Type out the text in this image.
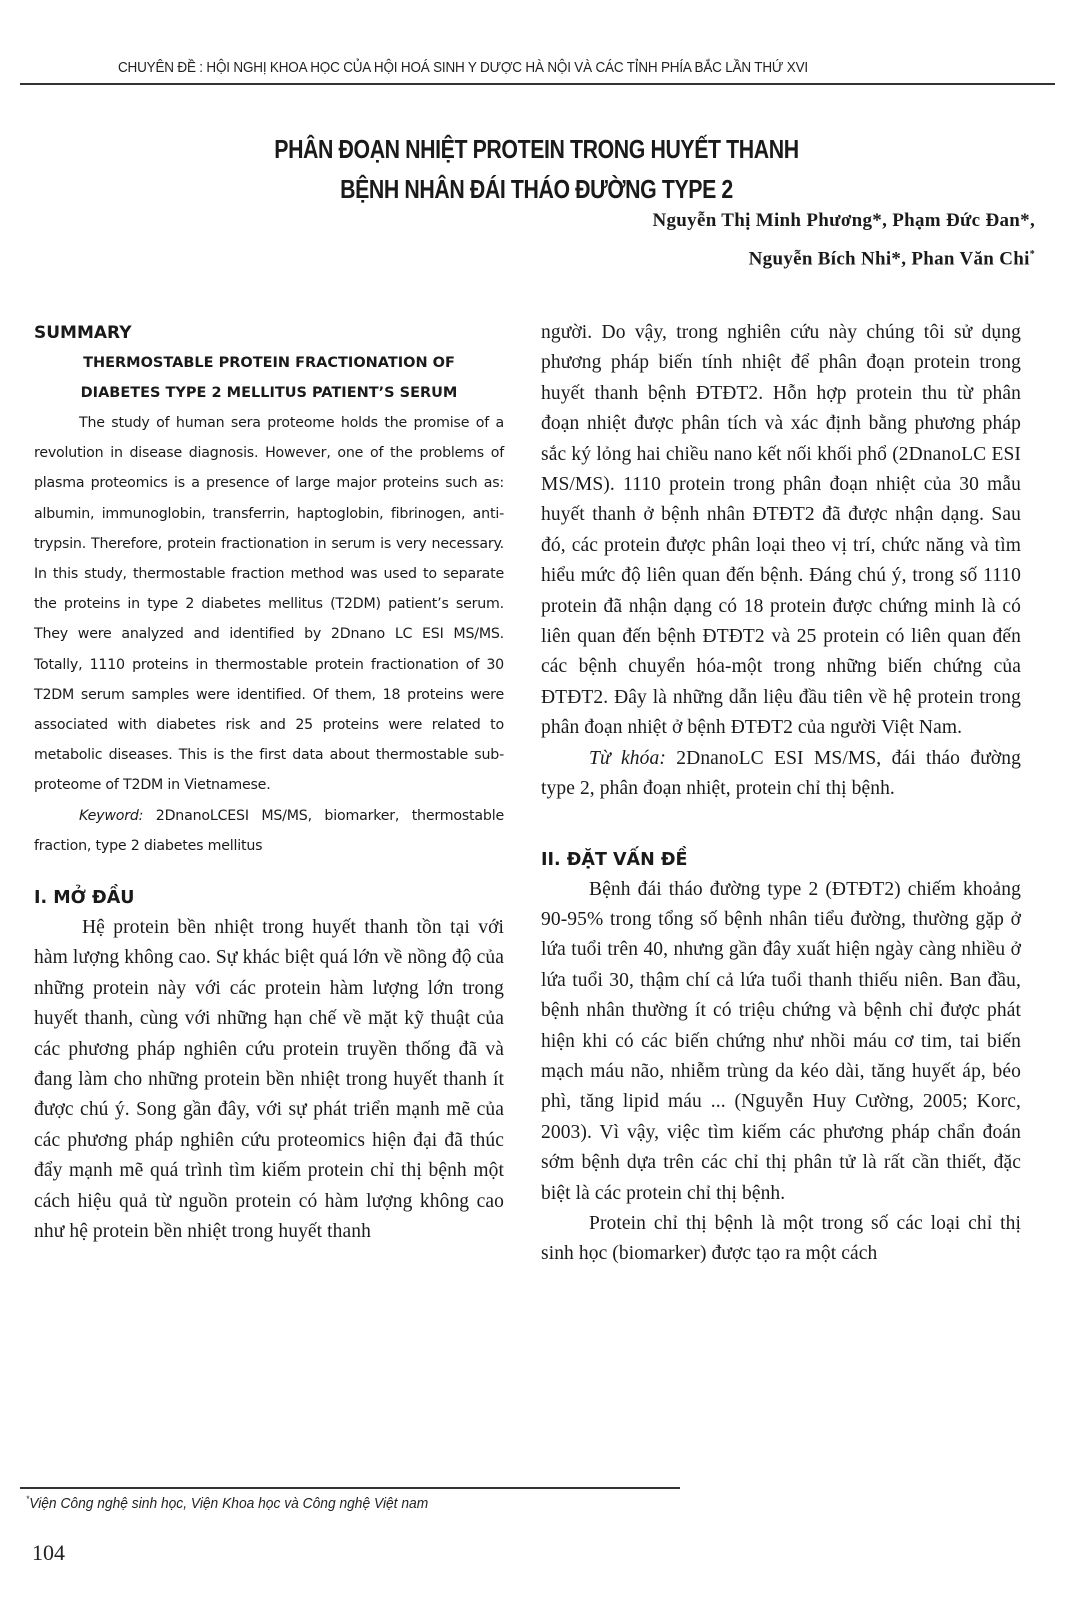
CHUYÊN ĐỀ : HỘI NGHỊ KHOA HỌC CỦA HỘI HOÁ SINH Y DƯỢC HÀ NỘI VÀ CÁC TỈNH PHÍA BẮC LẦN THỨ XVI
PHÂN ĐOẠN NHIỆT PROTEIN TRONG HUYẾT THANH
BỆNH NHÂN ĐÁI THÁO ĐƯỜNG TYPE 2
Nguyễn Thị Minh Phương*, Phạm Đức Đan*,
Nguyễn Bích Nhi*, Phan Văn Chi*

SUMMARY

THERMOSTABLE PROTEIN FRACTIONATION OF

DIABETES TYPE 2 MELLITUS PATIENT’S SERUM

The study of human sera proteome holds the promise of a revolution in disease diagnosis. However, one of the problems of plasma proteomics is a presence of large major proteins such as: albumin, immunoglobin, transferrin, haptoglobin, fibrinogen, anti-trypsin. Therefore, protein fractionation in serum is very necessary. In this study, thermostable fraction method was used to separate the proteins in type 2 diabetes mellitus (T2DM) patient’s serum. They were analyzed and identified by 2Dnano LC ESI MS/MS. Totally, 1110 proteins in thermostable protein fractionation of 30 T2DM serum samples were identified. Of them, 18 proteins were associated with diabetes risk and 25 proteins were related to metabolic diseases. This is the first data about thermostable sub-proteome of T2DM in Vietnamese.

Keyword: 2DnanoLCESI MS/MS, biomarker, thermostable fraction, type 2 diabetes mellitus

I. MỞ ĐẦU

Hệ protein bền nhiệt trong huyết thanh tồn tại với hàm lượng không cao. Sự khác biệt quá lớn về nồng độ của những protein này với các protein hàm lượng lớn trong huyết thanh, cùng với những hạn chế về mặt kỹ thuật của các phương pháp nghiên cứu protein truyền thống đã và đang làm cho những protein bền nhiệt trong huyết thanh ít được chú ý. Song gần đây, với sự phát triển mạnh mẽ của các phương pháp nghiên cứu proteomics hiện đại đã thúc đẩy mạnh mẽ quá trình tìm kiếm protein chỉ thị bệnh một cách hiệu quả từ nguồn protein có hàm lượng không cao như hệ protein bền nhiệt trong huyết thanh

người. Do vậy, trong nghiên cứu này chúng tôi sử dụng phương pháp biến tính nhiệt để phân đoạn protein trong huyết thanh bệnh ĐTĐT2. Hỗn hợp protein thu từ phân đoạn nhiệt được phân tích và xác định bằng phương pháp sắc ký lỏng hai chiều nano kết nối khối phổ (2DnanoLC ESI MS/MS). 1110 protein trong phân đoạn nhiệt của 30 mẫu huyết thanh ở bệnh nhân ĐTĐT2 đã được nhận dạng. Sau đó, các protein được phân loại theo vị trí, chức năng và tìm hiểu mức độ liên quan đến bệnh. Đáng chú ý, trong số 1110 protein đã nhận dạng có 18 protein được chứng minh là có liên quan đến bệnh ĐTĐT2 và 25 protein có liên quan đến các bệnh chuyển hóa-một trong những biến chứng của ĐTĐT2. Đây là những dẫn liệu đầu tiên về hệ protein trong phân đoạn nhiệt ở bệnh ĐTĐT2 của người Việt Nam.

Từ khóa: 2DnanoLC ESI MS/MS, đái tháo đường type 2, phân đoạn nhiệt, protein chỉ thị bệnh.

II. ĐẶT VẤN ĐỀ

Bệnh đái tháo đường type 2 (ĐTĐT2) chiếm khoảng 90-95% trong tổng số bệnh nhân tiểu đường, thường gặp ở lứa tuổi trên 40, nhưng gần đây xuất hiện ngày càng nhiều ở lứa tuổi 30, thậm chí cả lứa tuổi thanh thiếu niên. Ban đầu, bệnh nhân thường ít có triệu chứng và bệnh chỉ được phát hiện khi có các biến chứng như nhồi máu cơ tim, tai biến mạch máu não, nhiễm trùng da kéo dài, tăng huyết áp, béo phì, tăng lipid máu ... (Nguyễn Huy Cường, 2005; Korc, 2003). Vì vậy, việc tìm kiếm các phương pháp chẩn đoán sớm bệnh dựa trên các chỉ thị phân tử là rất cần thiết, đặc biệt là các protein chỉ thị bệnh.

Protein chỉ thị bệnh là một trong số các loại chỉ thị sinh học (biomarker) được tạo ra một cách

*Viện Công nghệ sinh học, Viện Khoa học và Công nghệ Việt nam
104
